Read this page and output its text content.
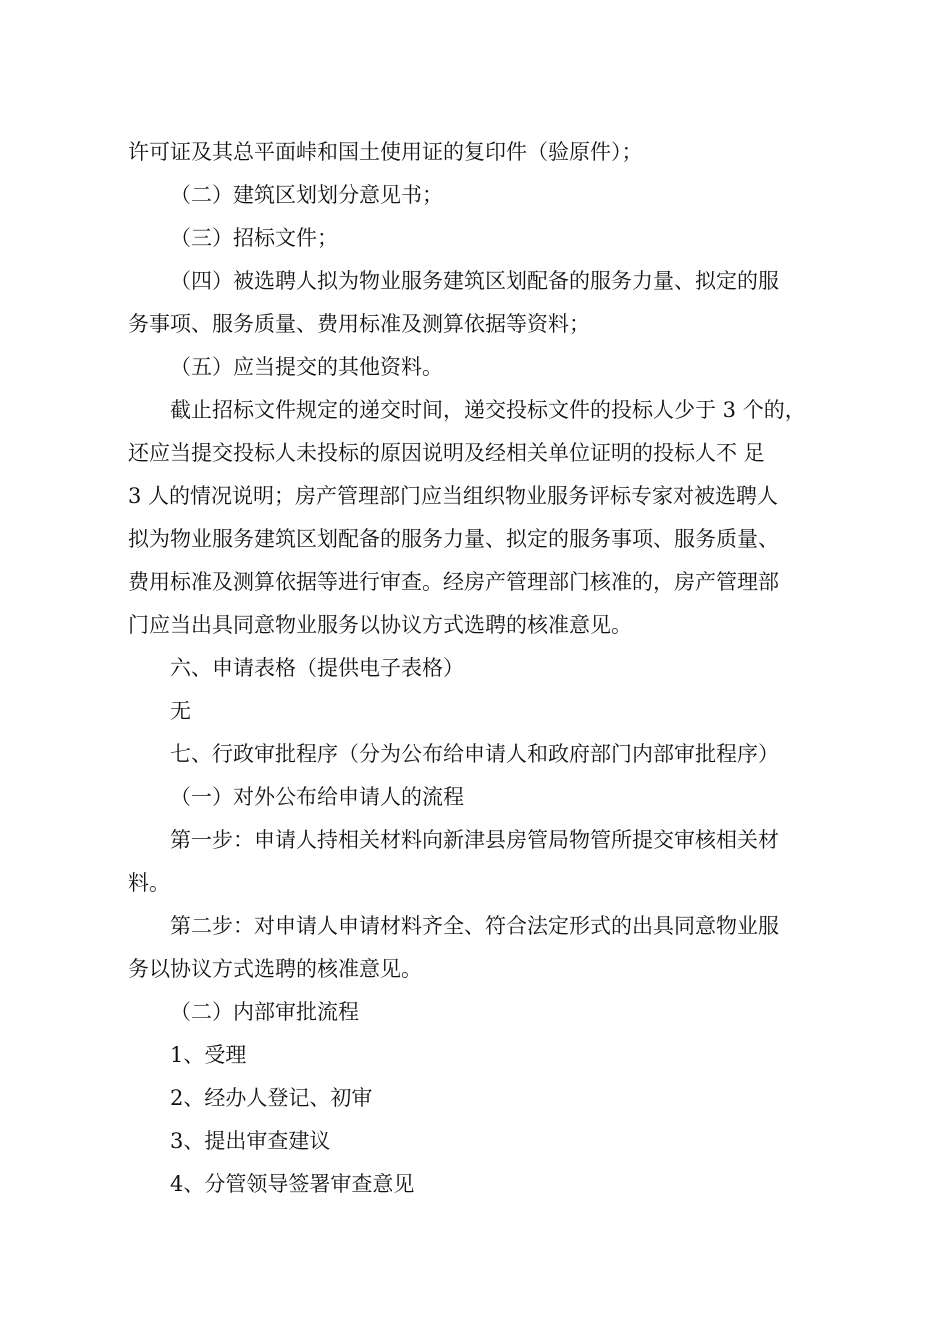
许可证及其总平面峠和国土使用证的复印件（验原件）；
（二）建筑区划划分意见书；
（三）招标文件；
（四）被选聘人拟为物业服务建筑区划配备的服务力量、拟定的服
务事项、服务质量、费用标准及测算依据等资料；
（五）应当提交的其他资料。
截止招标文件规定的递交时间，递交投标文件的投标人少于 3 个的，
还应当提交投标人未投标的原因说明及经相关单位证明的投标人不 足
3 人的情况说明；房产管理部门应当组织物业服务评标专家对被选聘人
拟为物业服务建筑区划配备的服务力量、拟定的服务事项、服务质量、
费用标准及测算依据等进行审查。经房产管理部门核准的，房产管理部
门应当出具同意物业服务以协议方式选聘的核准意见。
六、申请表格（提供电子表格）
无
七、行政审批程序（分为公布给申请人和政府部门内部审批程序）
（一）对外公布给申请人的流程
第一步：申请人持相关材料向新津县房管局物管所提交审核相关材
料。
第二步：对申请人申请材料齐全、符合法定形式的出具同意物业服
务以协议方式选聘的核准意见。
（二）内部审批流程
1、受理
2、经办人登记、初审
3、提出审查建议
4、分管领导签署审查意见
